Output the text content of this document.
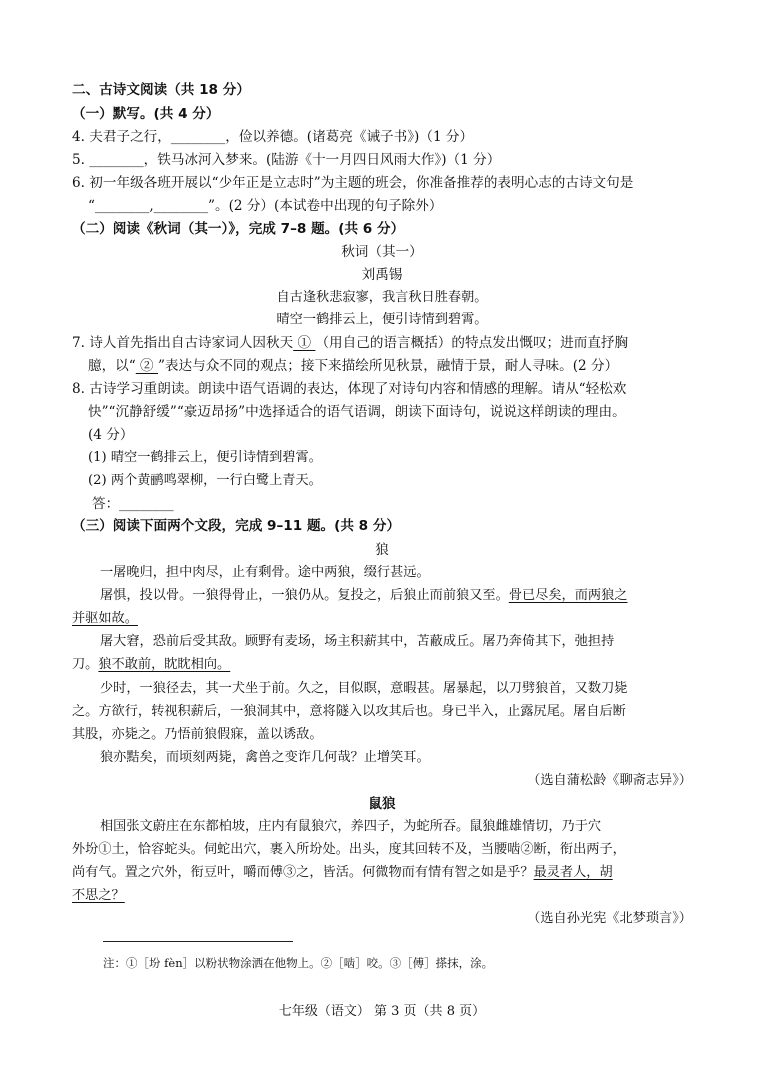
二、古诗文阅读（共 18 分）
（一）默写。(共 4 分）
4. 夫君子之行，________，俭以养德。(诸葛亮《诫子书》)（1 分）
5. ________，铁马冰河入梦来。(陆游《十一月四日风雨大作》)（1 分）
6. 初一年级各班开展以“少年正是立志时”为主题的班会，你准备推荐的表明心志的古诗文句是
“________,________”。(2 分）(本试卷中出现的句子除外）
（二）阅读《秋词（其一）》，完成 7–8 题。(共 6 分）
秋词（其一）
刘禹锡
自古逢秋悲寂寥，我言秋日胜春朝。
晴空一鹤排云上，便引诗情到碧霄。
7. 诗人首先指出自古诗家词人因秋天 ① （用自己的语言概括）的特点发出慨叹；进而直抒胸
臆，以“ ② ”表达与众不同的观点；接下来描绘所见秋景，融情于景，耐人寻味。(2 分）
8. 古诗学习重朗读。朗读中语气语调的表达，体现了对诗句内容和情感的理解。请从“轻松欢
快”“沉静舒缓”“豪迈昂扬”中选择适合的语气语调，朗读下面诗句，说说这样朗读的理由。
(4 分）
(1) 晴空一鹤排云上，便引诗情到碧霄。
(2) 两个黄鹂鸣翠柳，一行白鹭上青天。
答：________
（三）阅读下面两个文段，完成 9–11 题。(共 8 分）
狼
一屠晚归，担中肉尽，止有剩骨。途中两狼，缀行甚远。
屠惧，投以骨。一狼得骨止，一狼仍从。复投之，后狼止而前狼又至。骨已尽矣，而两狼之
并驱如故。
屠大窘，恐前后受其敌。顾野有麦场，场主积薪其中，苫蔽成丘。屠乃奔倚其下，弛担持
刀。狼不敢前，眈眈相向。
少时，一狼径去，其一犬坐于前。久之，目似瞑，意暇甚。屠暴起，以刀劈狼首，又数刀毙
之。方欲行，转视积薪后，一狼洞其中，意将隧入以攻其后也。身已半入，止露尻尾。屠自后断
其股，亦毙之。乃悟前狼假寐，盖以诱敌。
狼亦黠矣，而顷刻两毙，禽兽之变诈几何哉？止增笑耳。
（选自蒲松龄《聊斋志异》）
鼠狼
相国张文蔚庄在东都柏坡，庄内有鼠狼穴，养四子，为蛇所吞。鼠狼雌雄情切，乃于穴
外坋①土，恰容蛇头。伺蛇出穴，裹入所坋处。出头，度其回转不及，当腰啮②断，衔出两子，
尚有气。置之穴外，衔豆叶，嚼而傅③之，皆活。何微物而有情有智之如是乎？最灵者人，胡
不思之？
（选自孙光宪《北梦琐言》）
注：①［坋 fèn］以粉状物涂洒在他物上。②［啮］咬。③［傅］搽抹，涂。
七年级（语文） 第 3 页（共 8 页）
